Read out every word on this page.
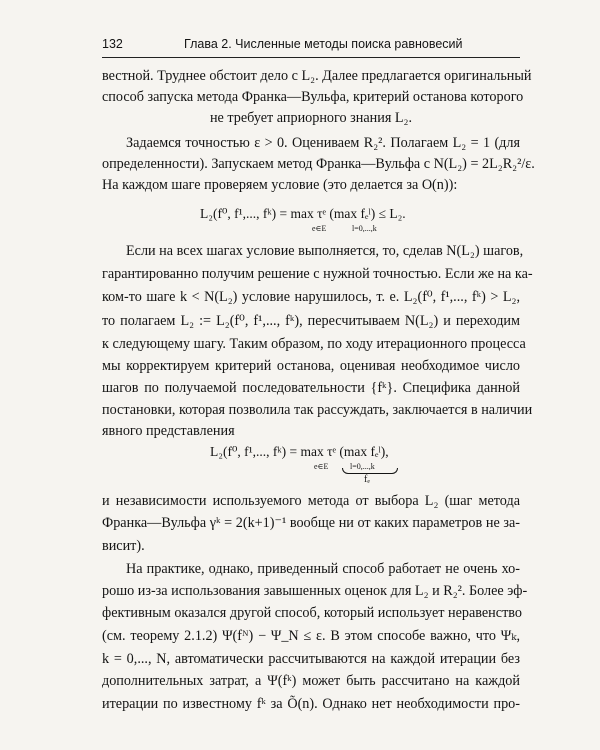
132	Глава 2. Численные методы поиска равновесий
вестной. Труднее обстоит дело с L₂. Далее предлагается оригинальный
способ запуска метода Франка—Вульфа, критерий останова которого
не требует априорного знания L₂.
Задаемся точностью ε > 0. Оцениваем R₂². Полагаем L₂ = 1 (для
определенности). Запускаем метод Франка—Вульфа с N(L₂) = 2L₂R₂²/ε.
На каждом шаге проверяем условие (это делается за O(n)):
L₂(f⁰, f¹,..., fᵏ) = max τᵉ (max fₑˡ) ≤ L₂.
e∈E	l=0,...,k
Если на всех шагах условие выполняется, то, сделав N(L₂) шагов,
гарантированно получим решение с нужной точностью. Если же на ка-
ком-то шаге k < N(L₂) условие нарушилось, т. е. L₂(f⁰, f¹,..., fᵏ) > L₂,
то полагаем L₂ := L₂(f⁰, f¹,..., fᵏ), пересчитываем N(L₂) и переходим
к следующему шагу. Таким образом, по ходу итерационного процесса
мы корректируем критерий останова, оценивая необходимое число
шагов по получаемой последовательности {fᵏ}. Специфика данной
постановки, которая позволила так рассуждать, заключается в наличии
явного представления
L₂(f⁰, f¹,..., fᵏ) = max τᵉ (max fₑˡ),
e∈E	l=0,...,k
f̄ₑ
и независимости используемого метода от выбора L₂ (шаг метода
Франка—Вульфа γᵏ = 2(k+1)⁻¹ вообще ни от каких параметров не за-
висит).
На практике, однако, приведенный способ работает не очень хо-
рошо из-за использования завышенных оценок для L₂ и R₂². Более эф-
фективным оказался другой способ, который использует неравенство
(см. теорему 2.1.2) Ψ(fᴺ) − Ψ_N ≤ ε. В этом способе важно, что Ψₖ,
k = 0,..., N, автоматически рассчитываются на каждой итерации без
дополнительных затрат, а Ψ(fᵏ) может быть рассчитано на каждой
итерации по известному fᵏ за Õ(n). Однако нет необходимости про-
